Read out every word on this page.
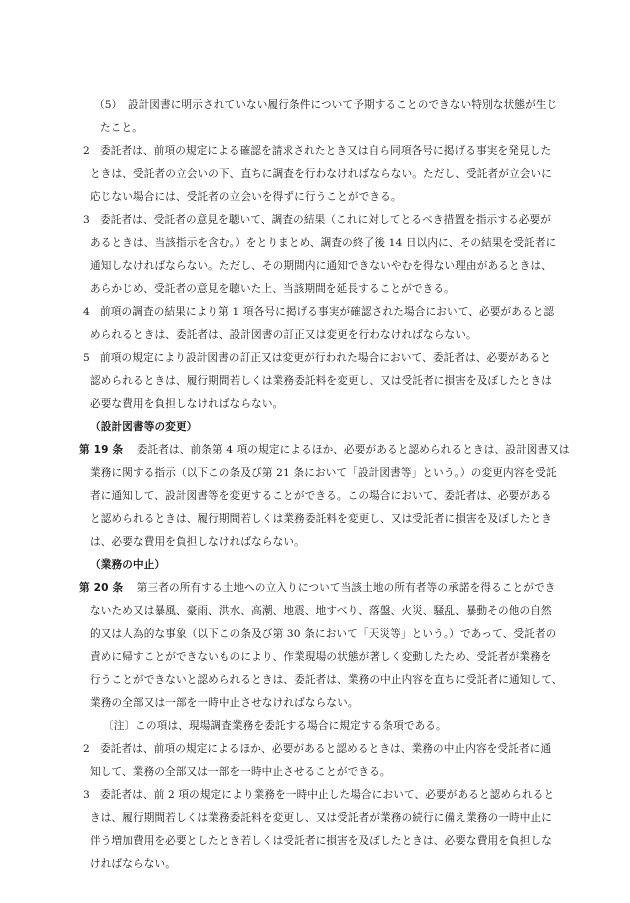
（5）　設計図書に明示されていない履行条件について予期することのできない特別な状態が生じ
たこと。
2 委託者は、前項の規定による確認を請求されたとき又は自ら同項各号に掲げる事実を発見した
ときは、受託者の立会いの下、直ちに調査を行わなければならない。ただし、受託者が立会いに
応じない場合には、受託者の立会いを得ずに行うことができる。
3 委託者は、受託者の意見を聴いて、調査の結果（これに対してとるべき措置を指示する必要が
あるときは、当該指示を含む。）をとりまとめ、調査の終了後 14 日以内に、その結果を受託者に
通知しなければならない。ただし、その期間内に通知できないやむを得ない理由があるときは、
あらかじめ、受託者の意見を聴いた上、当該期間を延長することができる。
4 前項の調査の結果により第 1 項各号に掲げる事実が確認された場合において、必要があると認
められるときは、委託者は、設計図書の訂正又は変更を行わなければならない。
5 前項の規定により設計図書の訂正又は変更が行われた場合において、委託者は、必要があると
認められるときは、履行期間若しくは業務委託料を変更し、又は受託者に損害を及ぼしたときは
必要な費用を負担しなければならない。
（設計図書等の変更）
第 19 条 　委託者は、前条第 4 項の規定によるほか、必要があると認められるときは、設計図書又は
業務に関する指示（以下この条及び第 21 条において「設計図書等」という。）の変更内容を受託
者に通知して、設計図書等を変更することができる。この場合において、委託者は、必要がある
と認められるときは、履行期間若しくは業務委託料を変更し、又は受託者に損害を及ぼしたとき
は、必要な費用を負担しなければならない。
（業務の中止）
第 20 条 　第三者の所有する土地への立入りについて当該土地の所有者等の承諾を得ることができ
ないため又は暴風、豪雨、洪水、高潮、地震、地すべり、落盤、火災、騒乱、暴動その他の自然
的又は人為的な事象（以下この条及び第 30 条において「天災等」という。）であって、受託者の
責めに帰すことができないものにより、作業現場の状態が著しく変動したため、受託者が業務を
行うことができないと認められるときは、委託者は、業務の中止内容を直ちに受託者に通知して、
業務の全部又は一部を一時中止させなければならない。
〔注〕この項は、現場調査業務を委託する場合に規定する条項である。
2 委託者は、前項の規定によるほか、必要があると認めるときは、業務の中止内容を受託者に通
知して、業務の全部又は一部を一時中止させることができる。
3 委託者は、前 2 項の規定により業務を一時中止した場合において、必要があると認められると
きは、履行期間若しくは業務委託料を変更し、又は受託者が業務の続行に備え業務の一時中止に
伴う増加費用を必要としたとき若しくは受託者に損害を及ぼしたときは、必要な費用を負担しな
ければならない。
